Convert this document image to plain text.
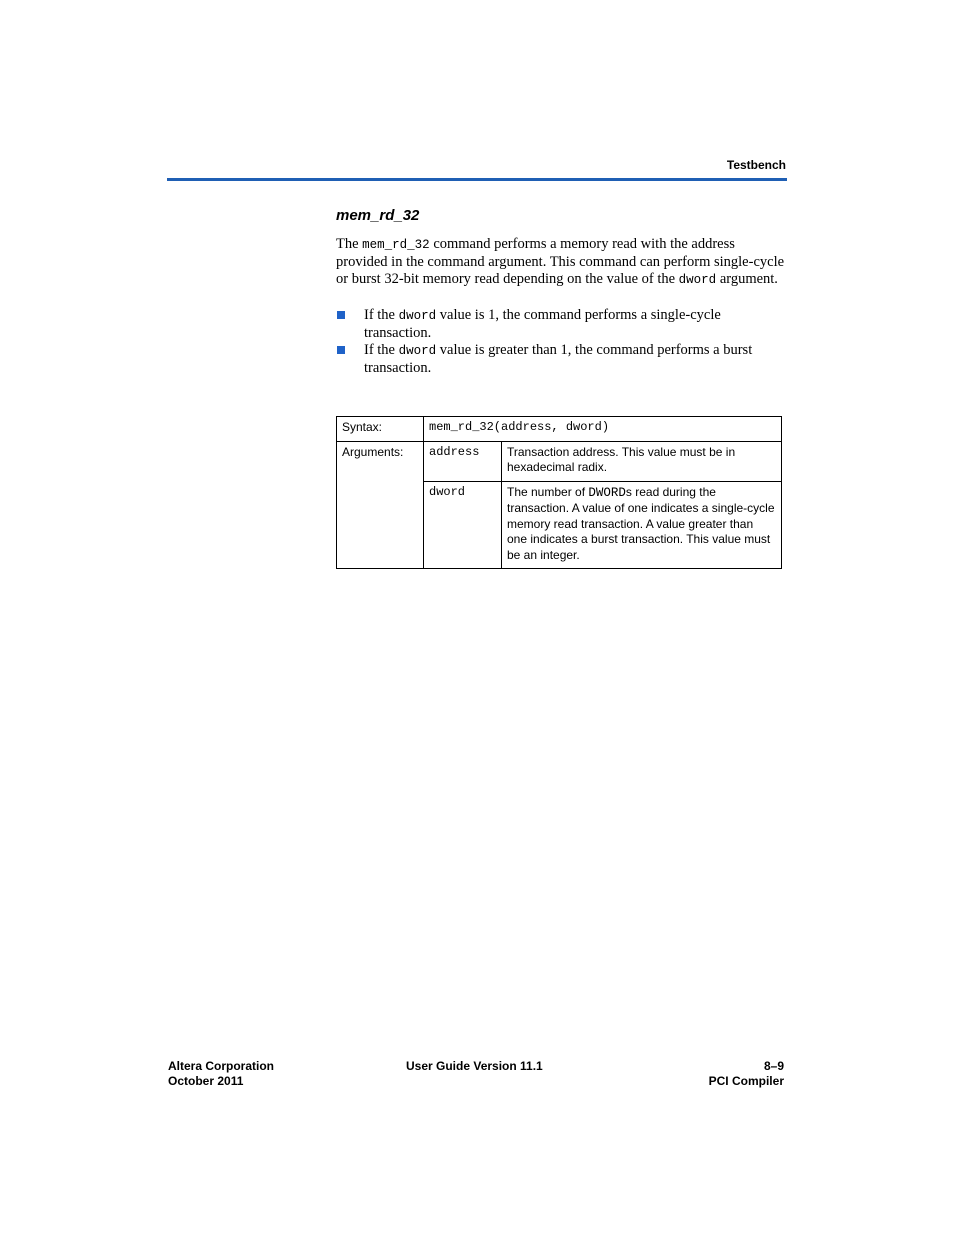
Testbench
mem_rd_32

The mem_rd_32 command performs a memory read with the address provided in the command argument. This command can perform single-cycle or burst 32-bit memory read depending on the value of the dword argument.

If the dword value is 1, the command performs a single-cycle transaction.
If the dword value is greater than 1, the command performs a burst transaction.
Syntax:	mem_rd_32(address, dword)	
Arguments:	address	Transaction address. This value must be in hexadecimal radix.
	dword	The number of DWORDs read during the transaction. A value of one indicates a single-cycle memory read transaction. A value greater than one indicates a burst transaction. This value must be an integer.
Altera Corporation
October 2011
User Guide Version 11.1	8–9
PCI Compiler
